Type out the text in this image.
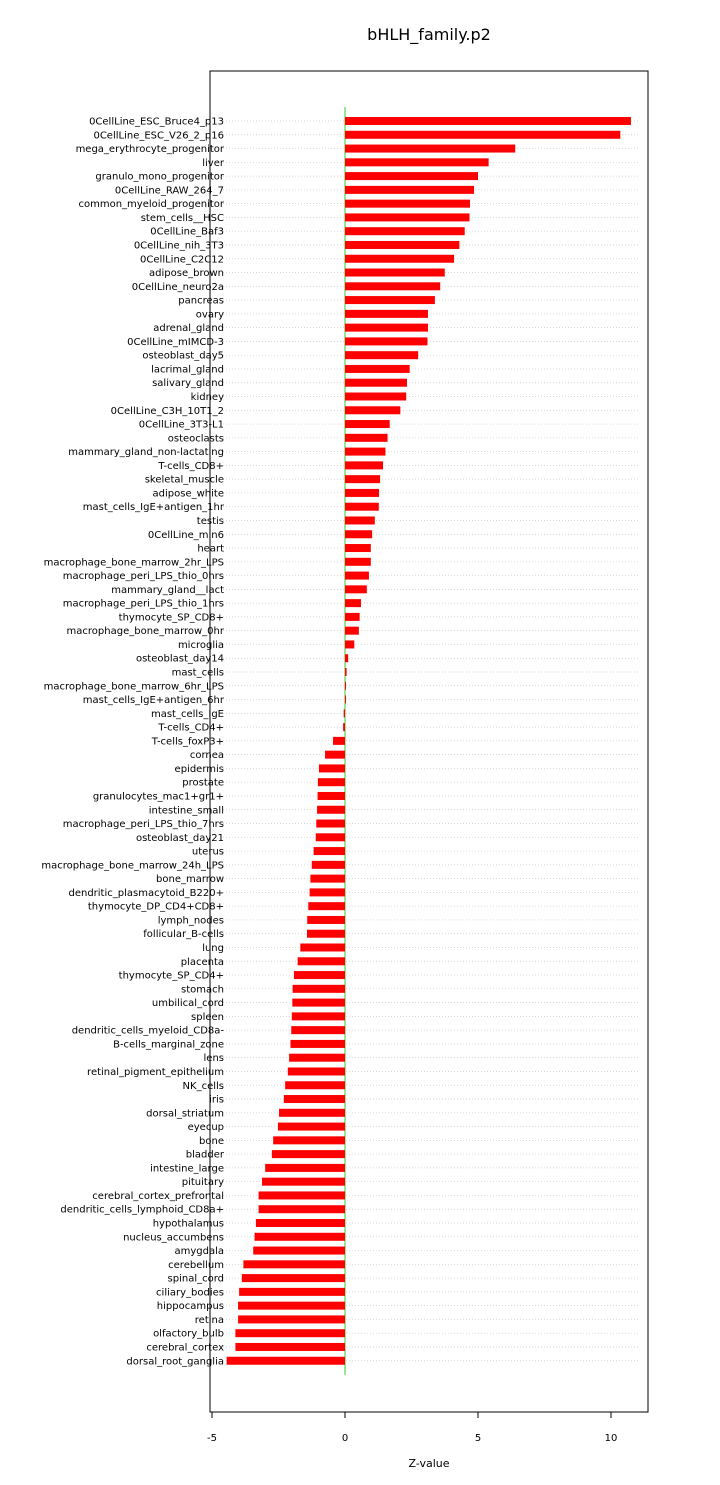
bHLH_family.p2
0CellLine_ESC_Bruce4_p13
0CellLine_ESC_V26_2_p16
mega_erythrocyte_progenitor
liver
granulo_mono_progenitor
0CellLine_RAW_264_7
common_myeloid_progenitor
stem_cells__HSC
0CellLine_Baf3
0CellLine_nih_3T3
0CellLine_C2C12
adipose_brown
0CellLine_neuro2a
pancreas
ovary
adrenal_gland
0CellLine_mIMCD-3
osteoblast_day5
lacrimal_gland
salivary_gland
kidney
0CellLine_C3H_10T1_2
0CellLine_3T3-L1
osteoclasts
mammary_gland_non-lactating
T-cells_CD8+
skeletal_muscle
adipose_white
mast_cells_IgE+antigen_1hr
testis
0CellLine_min6
heart
macrophage_bone_marrow_2hr_LPS
macrophage_peri_LPS_thio_0hrs
mammary_gland__lact
macrophage_peri_LPS_thio_1hrs
thymocyte_SP_CD8+
macrophage_bone_marrow_0hr
microglia
osteoblast_day14
mast_cells
macrophage_bone_marrow_6hr_LPS
mast_cells_IgE+antigen_6hr
mast_cells_IgE
T-cells_CD4+
T-cells_foxP3+
cornea
epidermis
prostate
granulocytes_mac1+gr1+
intestine_small
macrophage_peri_LPS_thio_7hrs
osteoblast_day21
uterus
macrophage_bone_marrow_24h_LPS
bone_marrow
dendritic_plasmacytoid_B220+
thymocyte_DP_CD4+CD8+
lymph_nodes
follicular_B-cells
lung
placenta
thymocyte_SP_CD4+
stomach
umbilical_cord
spleen
dendritic_cells_myeloid_CD8a-
B-cells_marginal_zone
lens
retinal_pigment_epithelium
NK_cells
iris
dorsal_striatum
eyecup
bone
bladder
intestine_large
pituitary
cerebral_cortex_prefrontal
dendritic_cells_lymphoid_CD8a+
hypothalamus
nucleus_accumbens
amygdala
cerebellum
spinal_cord
ciliary_bodies
hippocampus
retina
olfactory_bulb
cerebral_cortex
dorsal_root_ganglia
-5	0	5	10
Z-value
